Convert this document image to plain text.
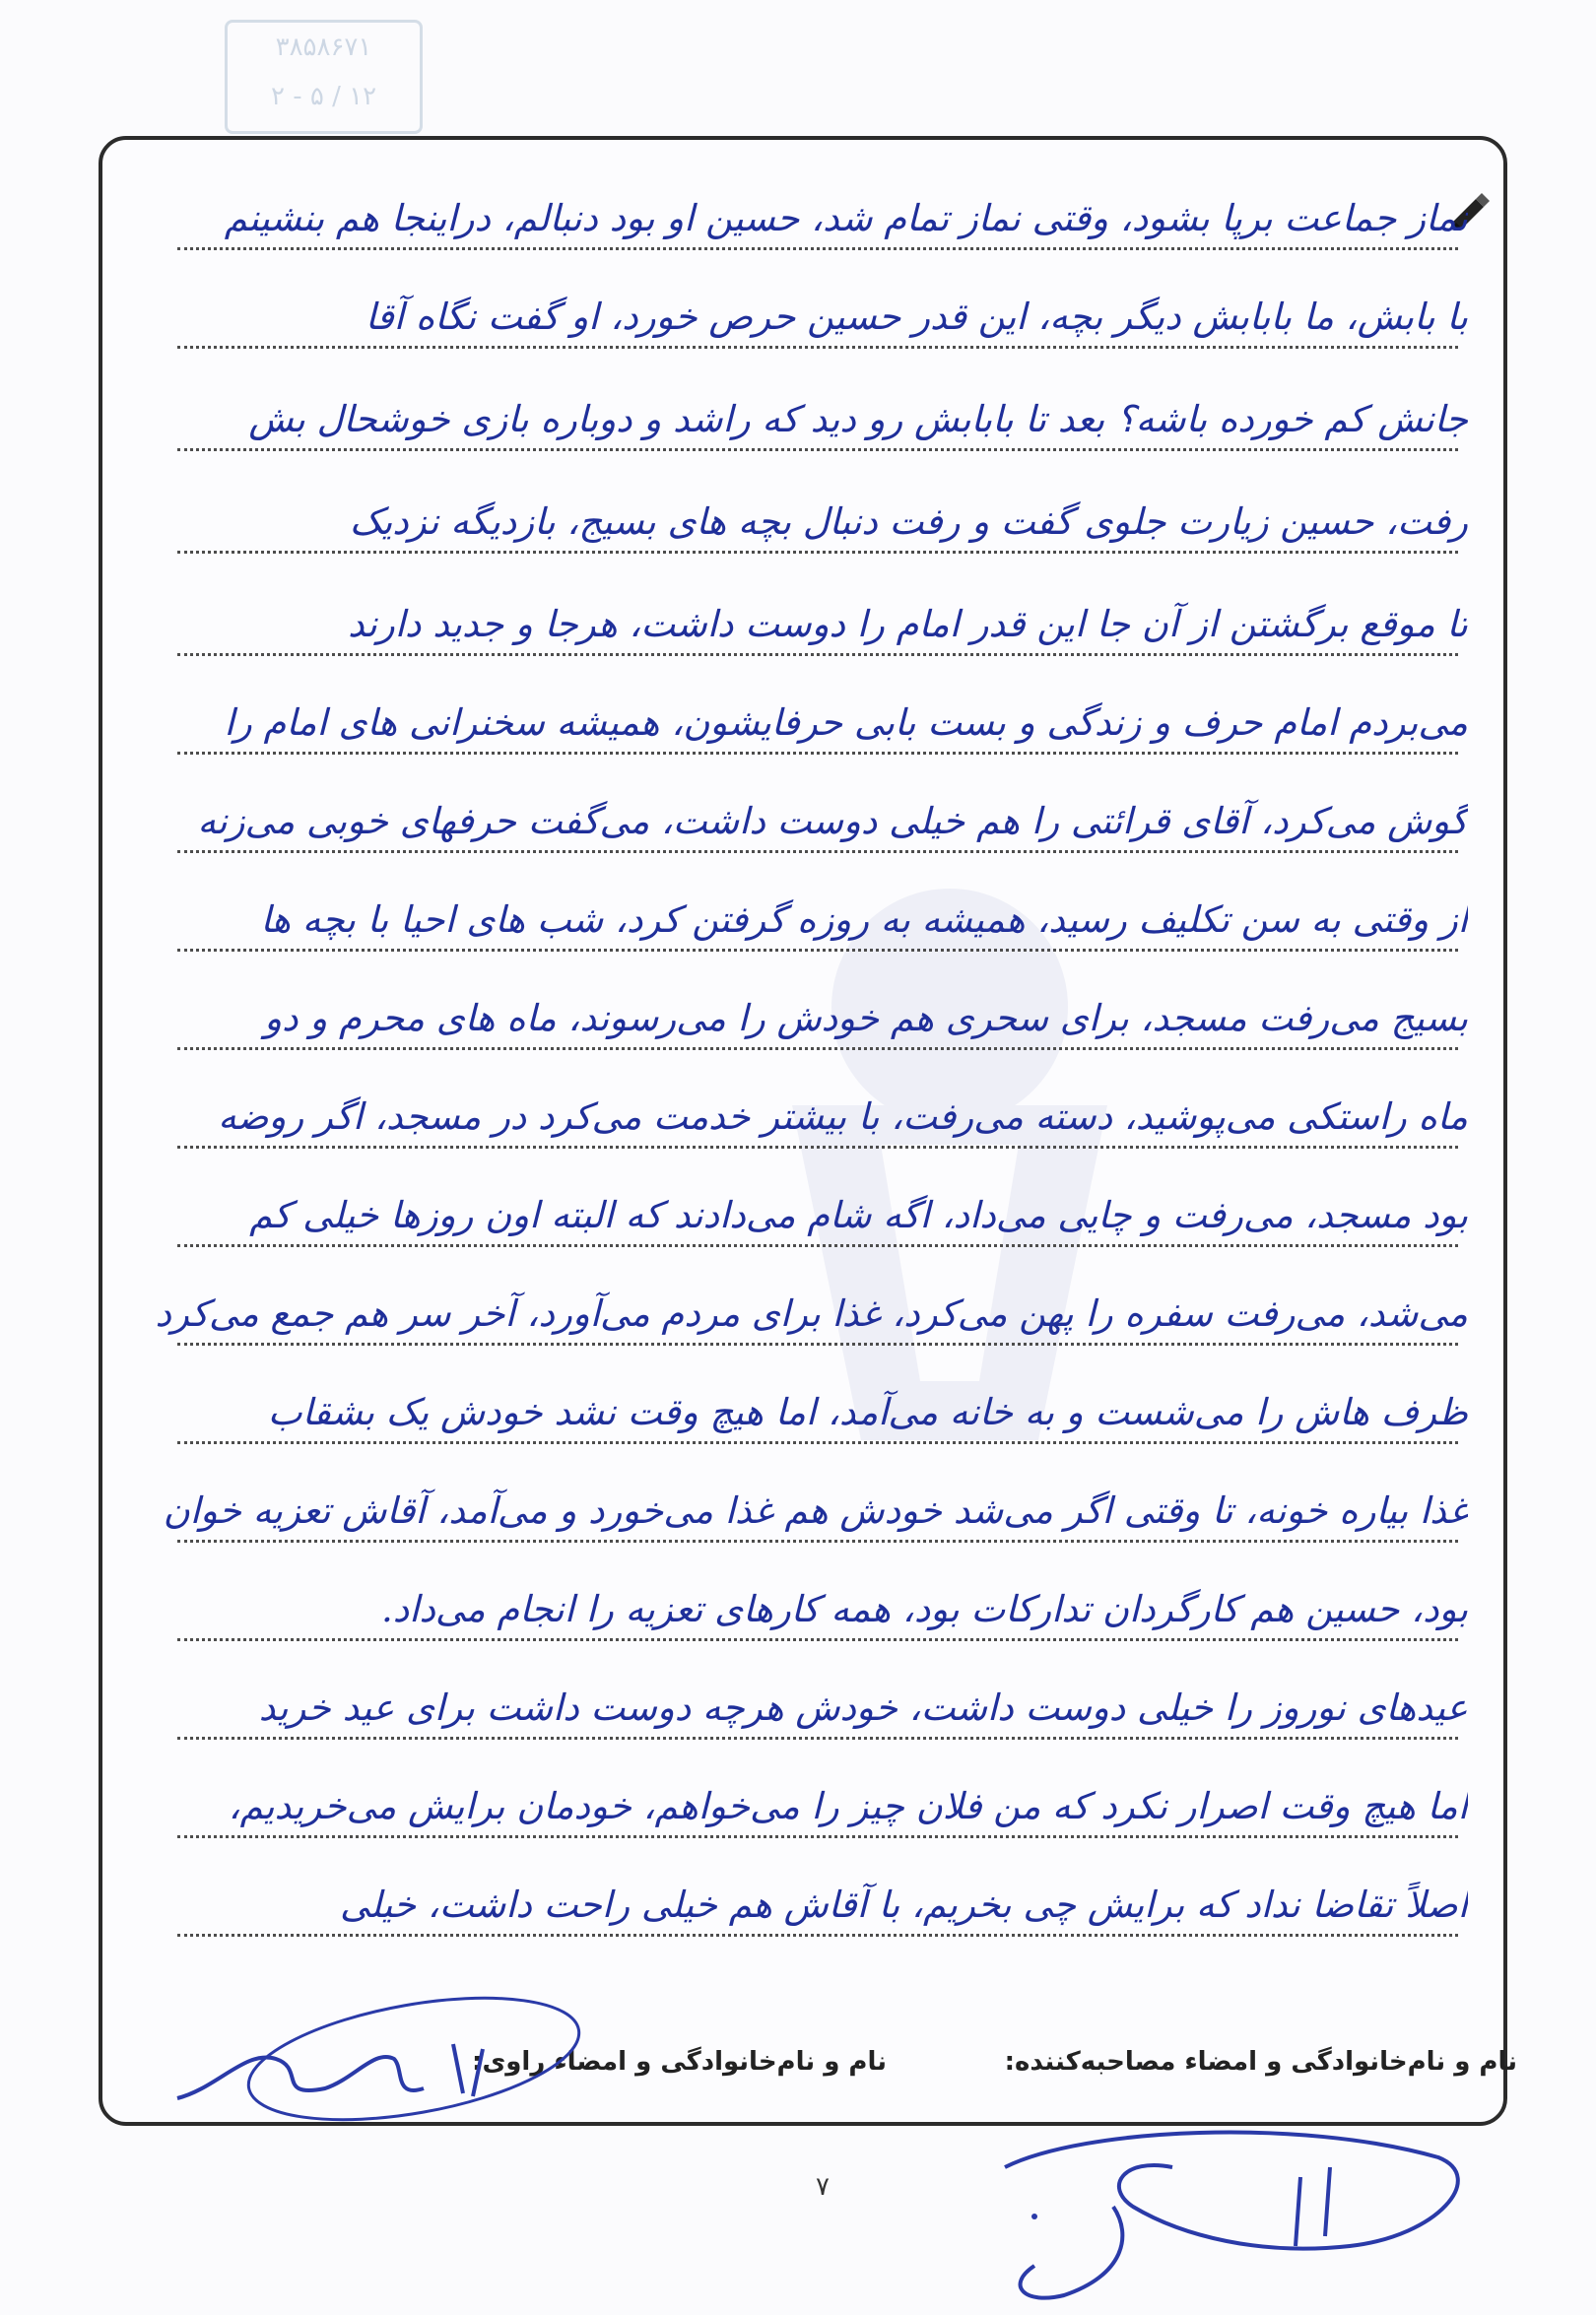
۳۸۵۸۶۷۱
۲ - ۵ / ۱۲
نماز جماعت برپا بشود، وقتی نماز تمام شد، حسین او بود دنبالم، دراینجا هم بنشینم
با بابش، ما بابابش دیگر بچه، این قدر حسین حرص خورد، او گفت نگاه آقا
جانش کم خورده باشه؟ بعد تا بابابش رو دید که راشد و دوباره بازی خوشحال بش
رفت، حسین زیارت جلوی گفت و رفت دنبال بچه های بسیج، بازدیگه نزدیک
تا موقع برگشتن از آن جا این قدر امام را دوست داشت، هرجا و جدید دارند
می‌بردم امام حرف و زندگی و بست بابی حرفایشون، همیشه سخنرانی های امام را
گوش می‌کرد، آقای قرائتی را هم خیلی دوست داشت، می‌گفت حرفهای خوبی می‌زنه
از وقتی به سن تکلیف رسید، همیشه به روزه گرفتن کرد، شب های احیا با بچه ها
بسیج می‌رفت مسجد، برای سحری هم خودش را می‌رسوند، ماه های محرم و دو
ماه راستکی می‌پوشید، دسته می‌رفت، با بیشتر خدمت می‌کرد در مسجد، اگر روضه
بود مسجد، می‌رفت و چایی می‌داد، اگه شام می‌دادند که البته اون روزها خیلی کم
می‌شد، می‌رفت سفره را پهن می‌کرد، غذا برای مردم می‌آورد، آخر سر هم جمع می‌کرد
ظرف هاش را می‌شست و به خانه می‌آمد، اما هیچ وقت نشد خودش یک بشقاب
غذا بیاره خونه، تا وقتی اگر می‌شد خودش هم غذا می‌خورد و می‌آمد، آقاش تعزیه خوان
بود، حسین هم کارگردان تدارکات بود، همه کارهای تعزیه را انجام می‌داد.
عیدهای نوروز را خیلی دوست داشت، خودش هرچه دوست داشت برای عید خرید
اما هیچ وقت اصرار نکرد که من فلان چیز را می‌خواهم، خودمان برایش می‌خریدیم،
اصلاً تقاضا نداد که برایش چی بخریم، با آقاش هم خیلی راحت داشت، خیلی
نام و نام‌خانوادگی و امضاء مصاحبه‌کننده:
نام و نام‌خانوادگی و امضاء راوی:
۷
